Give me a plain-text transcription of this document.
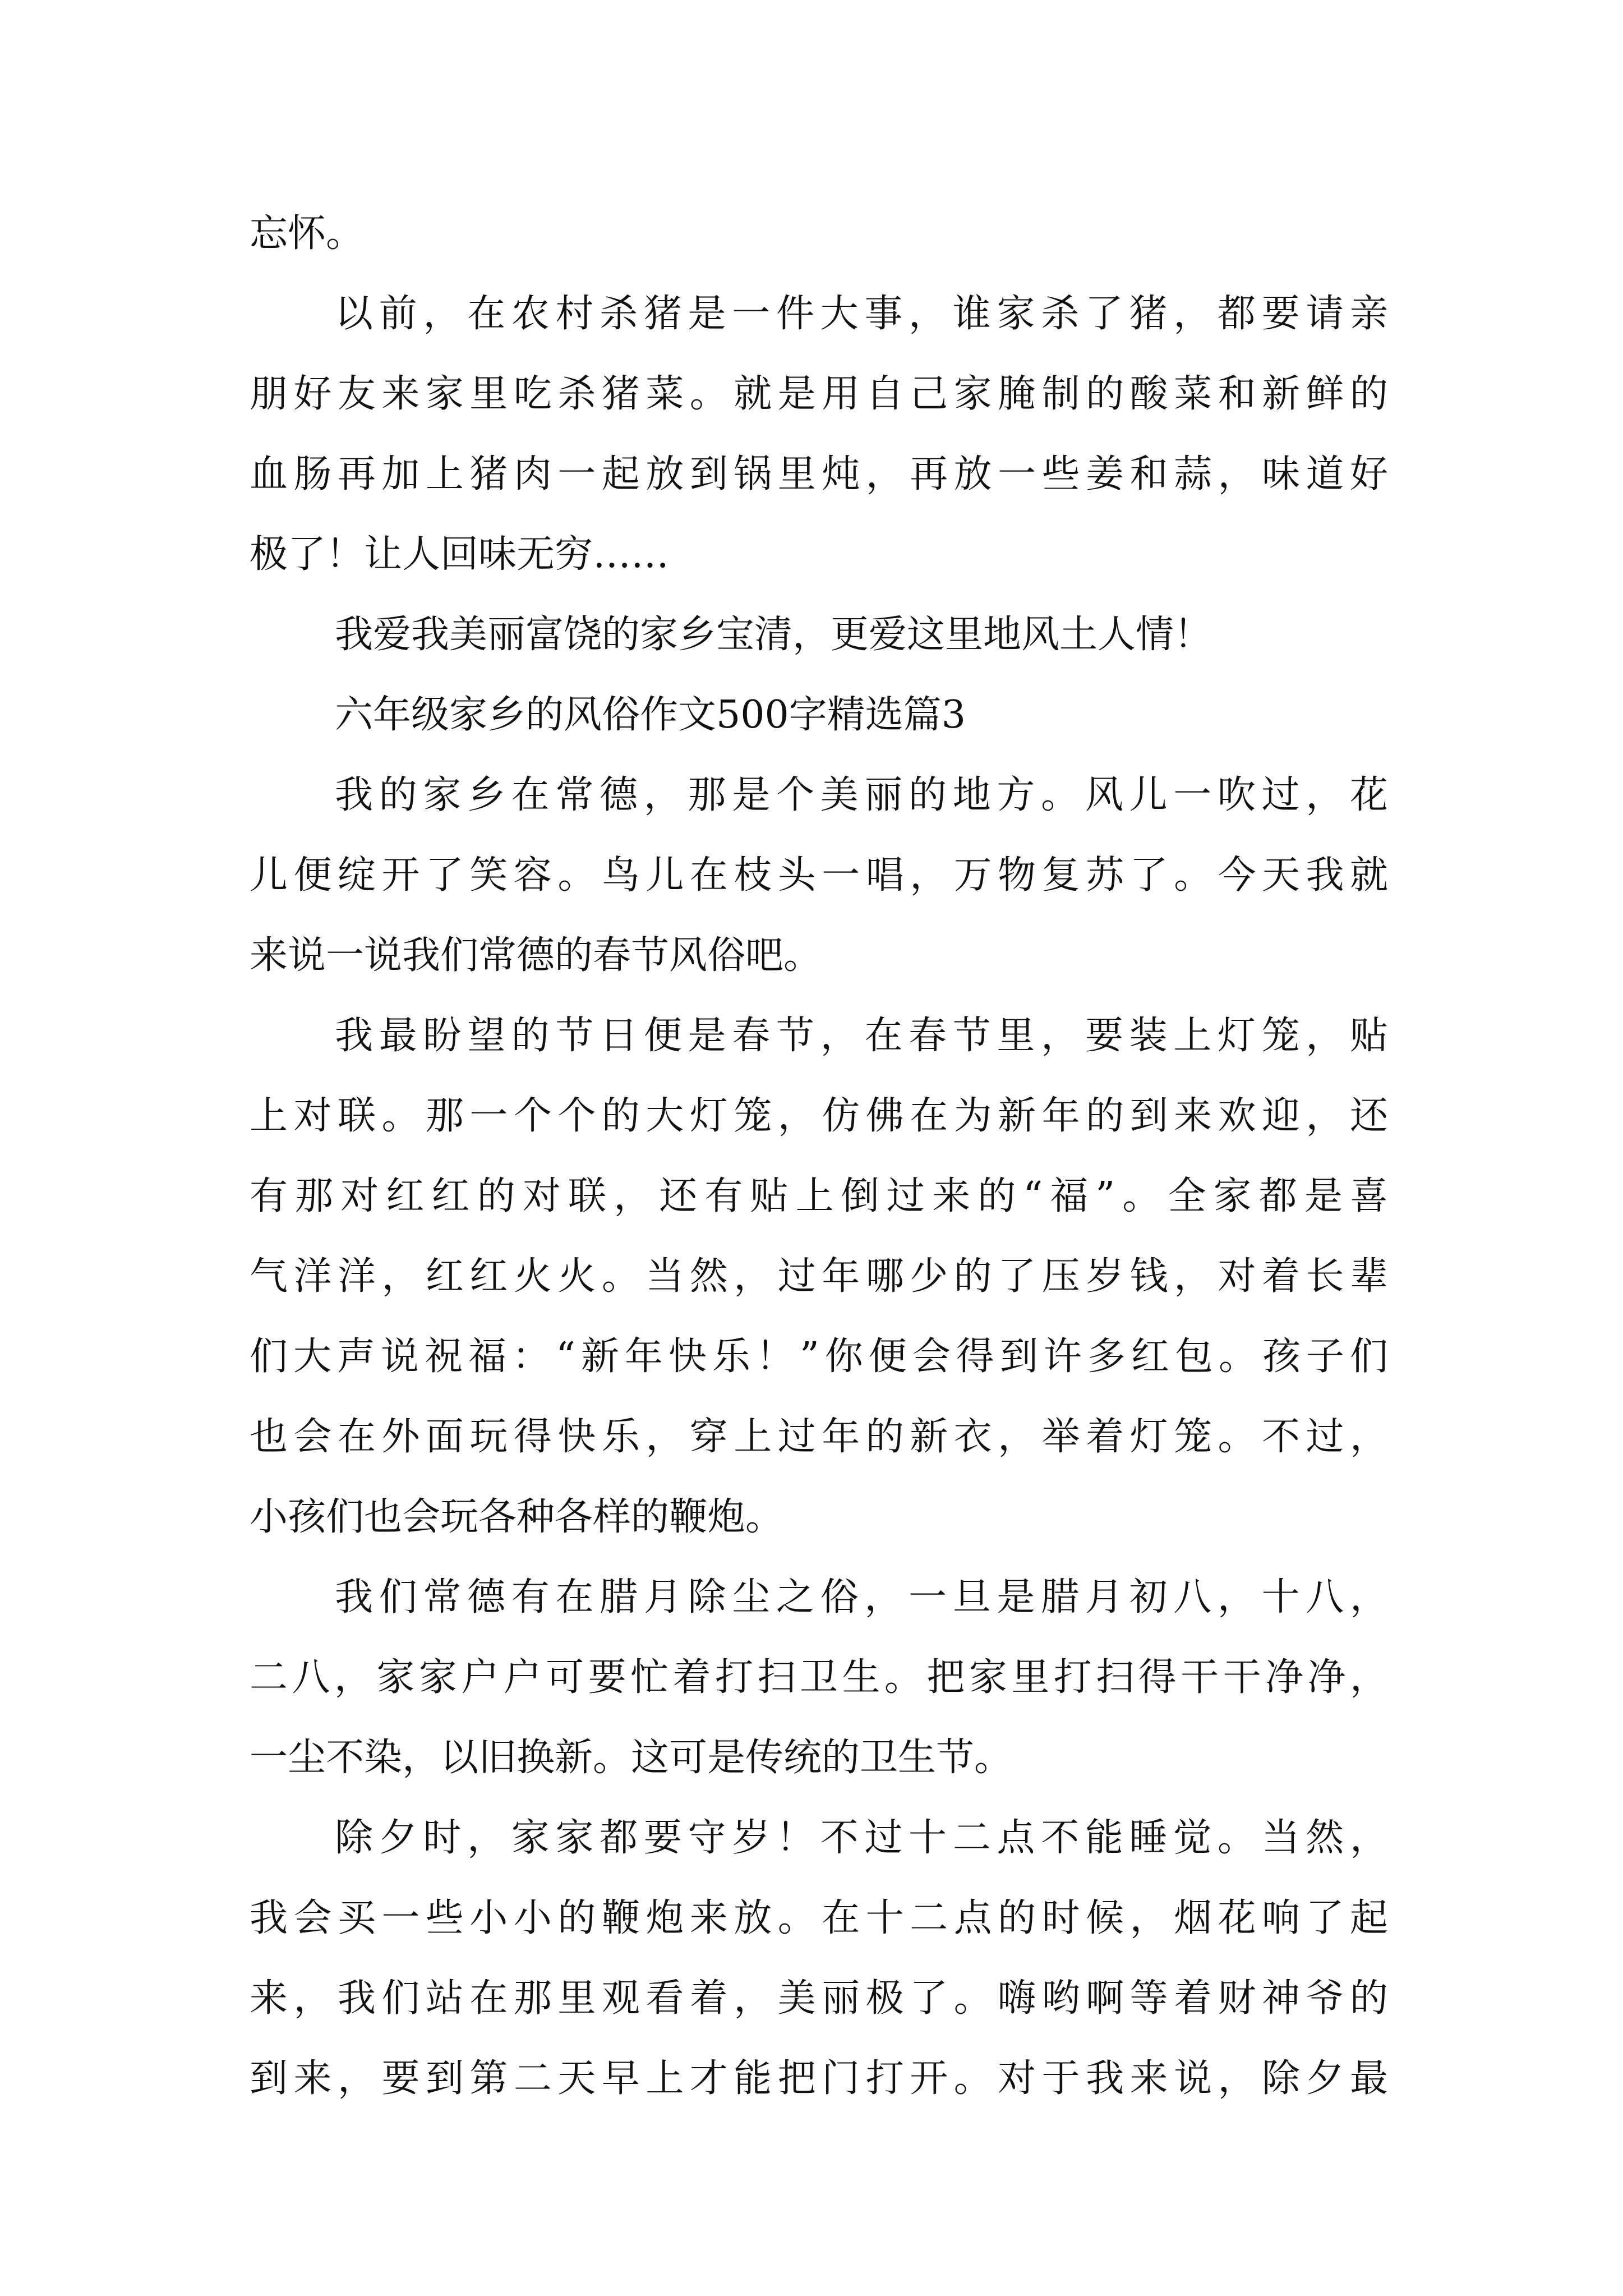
忘怀。
以前，在农村杀猪是一件大事，谁家杀了猪，都要请亲
朋好友来家里吃杀猪菜。就是用自己家腌制的酸菜和新鲜的
血肠再加上猪肉一起放到锅里炖，再放一些姜和蒜，味道好
极了！让人回味无穷……
我爱我美丽富饶的家乡宝清，更爱这里地风土人情！
六年级家乡的风俗作文500字精选篇3
我的家乡在常德，那是个美丽的地方。风儿一吹过，花
儿便绽开了笑容。鸟儿在枝头一唱，万物复苏了。今天我就
来说一说我们常德的春节风俗吧。
我最盼望的节日便是春节，在春节里，要装上灯笼，贴
上对联。那一个个的大灯笼，仿佛在为新年的到来欢迎，还
有那对红红的对联，还有贴上倒过来的“福”。全家都是喜
气洋洋，红红火火。当然，过年哪少的了压岁钱，对着长辈
们大声说祝福：“新年快乐！”你便会得到许多红包。孩子们
也会在外面玩得快乐，穿上过年的新衣，举着灯笼。不过，
小孩们也会玩各种各样的鞭炮。
我们常德有在腊月除尘之俗，一旦是腊月初八，十八，
二八，家家户户可要忙着打扫卫生。把家里打扫得干干净净，
一尘不染，以旧换新。这可是传统的卫生节。
除夕时，家家都要守岁！不过十二点不能睡觉。当然，
我会买一些小小的鞭炮来放。在十二点的时候，烟花响了起
来，我们站在那里观看着，美丽极了。嗨哟啊等着财神爷的
到来，要到第二天早上才能把门打开。对于我来说，除夕最
